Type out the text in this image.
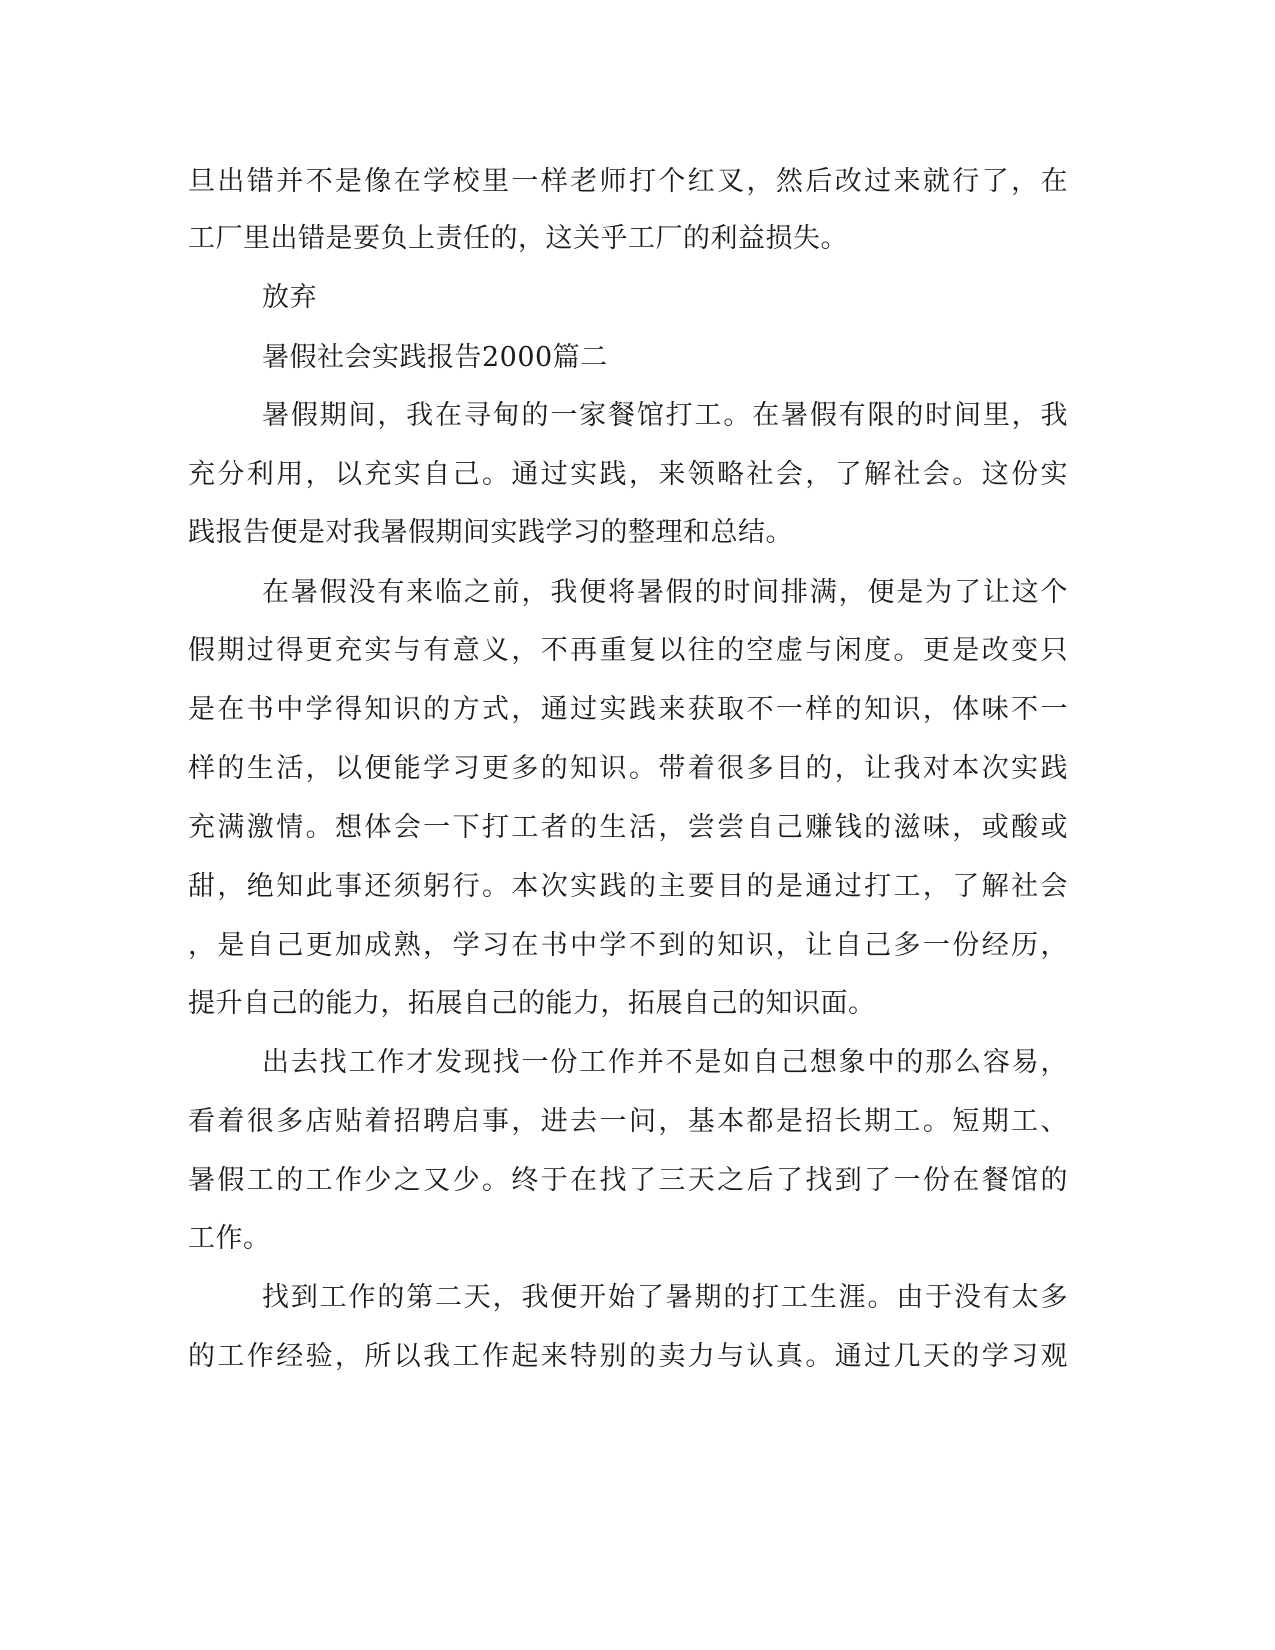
旦出错并不是像在学校里一样老师打个红叉，然后改过来就行了，在
工厂里出错是要负上责任的，这关乎工厂的利益损失。
放弃
暑假社会实践报告2000篇二
暑假期间，我在寻甸的一家餐馆打工。在暑假有限的时间里，我
充分利用，以充实自己。通过实践，来领略社会，了解社会。这份实
践报告便是对我暑假期间实践学习的整理和总结。
在暑假没有来临之前，我便将暑假的时间排满，便是为了让这个
假期过得更充实与有意义，不再重复以往的空虚与闲度。更是改变只
是在书中学得知识的方式，通过实践来获取不一样的知识，体味不一
样的生活，以便能学习更多的知识。带着很多目的，让我对本次实践
充满激情。想体会一下打工者的生活，尝尝自己赚钱的滋味，或酸或
甜，绝知此事还须躬行。本次实践的主要目的是通过打工，了解社会
，是自己更加成熟，学习在书中学不到的知识，让自己多一份经历，
提升自己的能力，拓展自己的能力，拓展自己的知识面。
出去找工作才发现找一份工作并不是如自己想象中的那么容易，
看着很多店贴着招聘启事，进去一问，基本都是招长期工。短期工、
暑假工的工作少之又少。终于在找了三天之后了找到了一份在餐馆的
工作。
找到工作的第二天，我便开始了暑期的打工生涯。由于没有太多
的工作经验，所以我工作起来特别的卖力与认真。通过几天的学习观
